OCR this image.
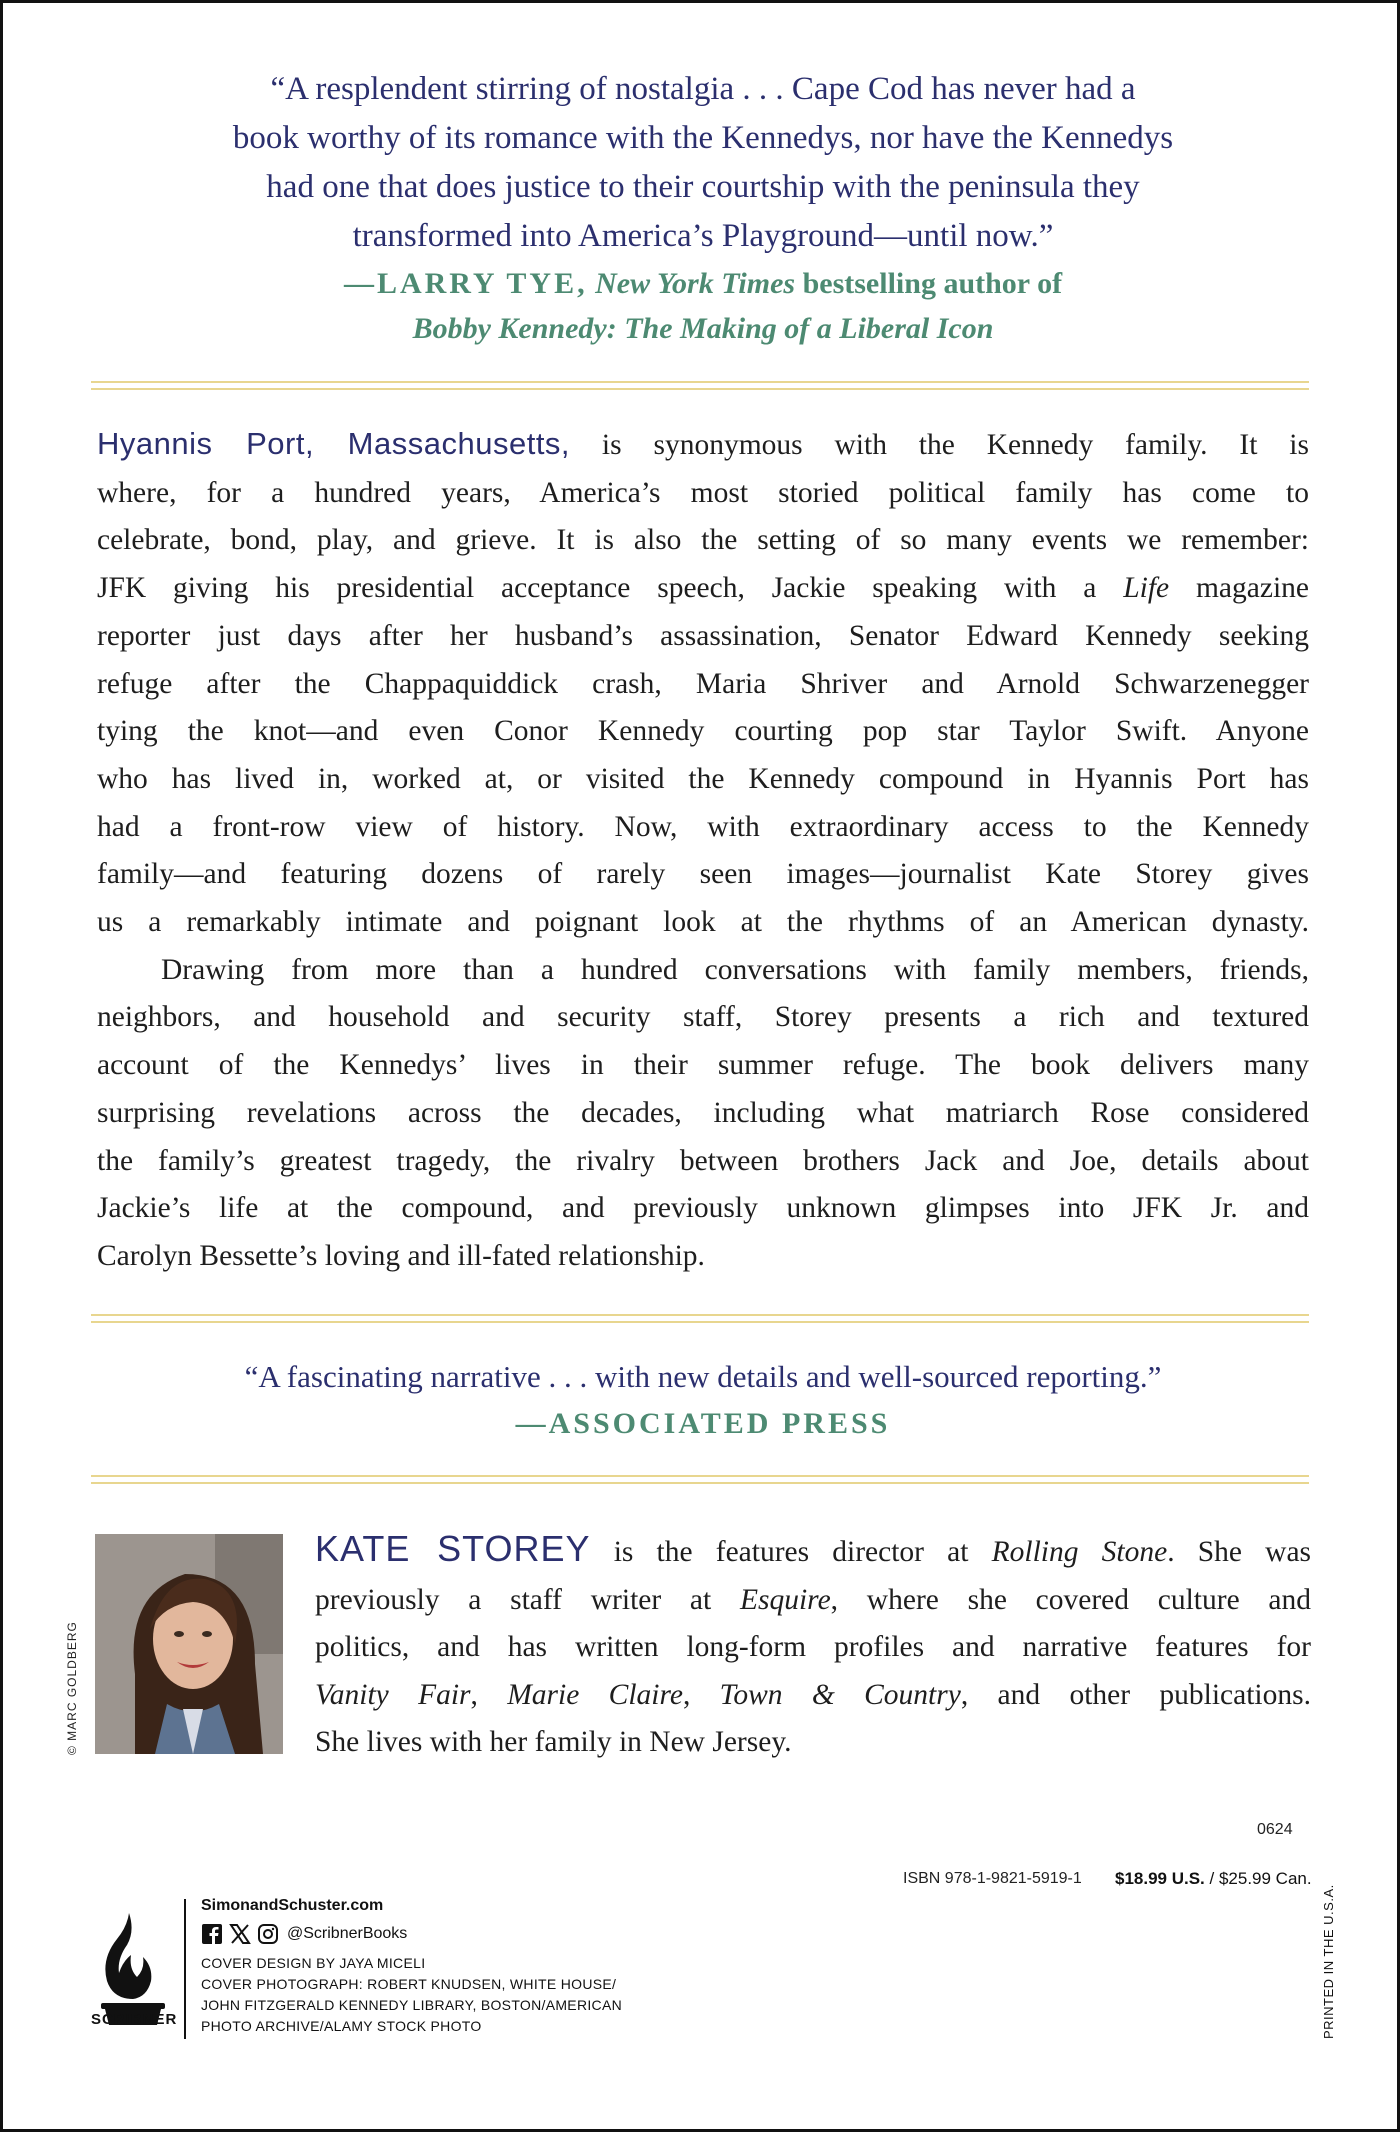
“A resplendent stirring of nostalgia . . . Cape Cod has never had a
book worthy of its romance with the Kennedys, nor have the Kennedys
had one that does justice to their courtship with the peninsula they
transformed into America’s Playground—until now.”
—LARRY TYE, New York Times bestselling author of
Bobby Kennedy: The Making of a Liberal Icon
Hyannis Port, Massachusetts, is synonymous with the Kennedy family. It is
where, for a hundred years, America’s most storied political family has come to
celebrate, bond, play, and grieve. It is also the setting of so many events we remember:
JFK giving his presidential acceptance speech, Jackie speaking with a Life magazine
reporter just days after her husband’s assassination, Senator Edward Kennedy seeking
refuge after the Chappaquiddick crash, Maria Shriver and Arnold Schwarzenegger
tying the knot—and even Conor Kennedy courting pop star Taylor Swift. Anyone
who has lived in, worked at, or visited the Kennedy compound in Hyannis Port has
had a front-row view of history. Now, with extraordinary access to the Kennedy
family—and featuring dozens of rarely seen images—journalist Kate Storey gives
us a remarkably intimate and poignant look at the rhythms of an American dynasty.
Drawing from more than a hundred conversations with family members, friends,
neighbors, and household and security staff, Storey presents a rich and textured
account of the Kennedys’ lives in their summer refuge. The book delivers many
surprising revelations across the decades, including what matriarch Rose considered
the family’s greatest tragedy, the rivalry between brothers Jack and Joe, details about
Jackie’s life at the compound, and previously unknown glimpses into JFK Jr. and
Carolyn Bessette’s loving and ill-fated relationship.
“A fascinating narrative . . . with new details and well-sourced reporting.”
—ASSOCIATED PRESS
© MARC GOLDBERG
KATE STOREY is the features director at Rolling Stone. She was
previously a staff writer at Esquire, where she covered culture and
politics, and has written long-form profiles and narrative features for
Vanity Fair, Marie Claire, Town & Country, and other publications.
She lives with her family in New Jersey.
0624
ISBN 978-1-9821-5919-1 $18.99 U.S. / $25.99 Can.
SCRIBNER
SimonandSchuster.com
@ScribnerBooks
COVER DESIGN BY JAYA MICELI
COVER PHOTOGRAPH: ROBERT KNUDSEN, WHITE HOUSE/
JOHN FITZGERALD KENNEDY LIBRARY, BOSTON/AMERICAN
PHOTO ARCHIVE/ALAMY STOCK PHOTO	PRINTED IN THE U.S.A.
